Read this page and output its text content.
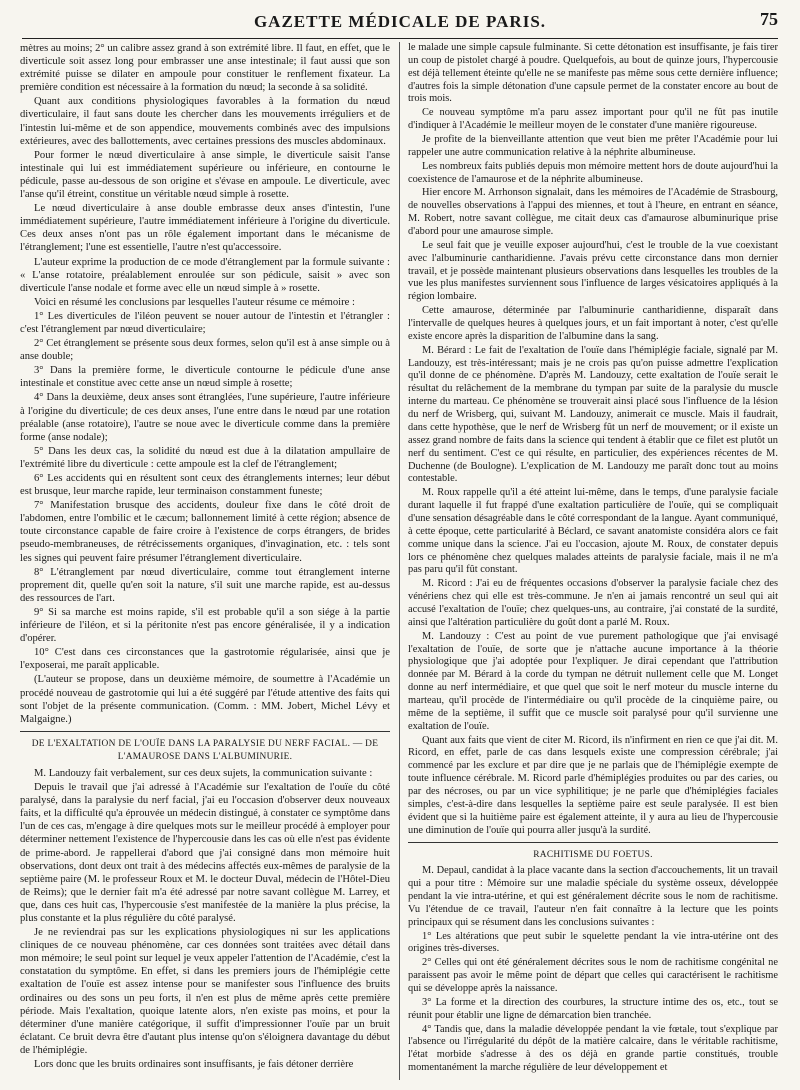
GAZETTE MÉDICALE DE PARIS.	75

mètres au moins; 2° un calibre assez grand à son extrémité libre. Il faut, en effet, que le diverticule soit assez long pour embrasser une anse intestinale; il faut aussi que son extrémité puisse se dilater en ampoule pour constituer le renflement fixateur. La première condition est nécessaire à la formation du nœud; la seconde à sa solidité.

Quant aux conditions physiologiques favorables à la formation du nœud diverticulaire, il faut sans doute les chercher dans les mouvements irréguliers et de l'intestin lui-même et de son appendice, mouvements combinés avec des impulsions extérieures, avec des ballottements, avec certaines pressions des muscles abdominaux.

Pour former le nœud diverticulaire à anse simple, le diverticule saisit l'anse intestinale qui lui est immédiatement supérieure ou inférieure, en contourne le pédicule, passe au-dessous de son origine et s'évase en ampoule. Le diverticule, avec l'anse qu'il étreint, constitue un véritable nœud simple à rosette.

Le nœud diverticulaire à anse double embrasse deux anses d'intestin, l'une immédiatement supérieure, l'autre immédiatement inférieure à l'origine du diverticule. Ces deux anses n'ont pas un rôle également important dans le mécanisme de l'étranglement; l'une est essentielle, l'autre n'est qu'accessoire.

L'auteur exprime la production de ce mode d'étranglement par la formule suivante : « L'anse rotatoire, préalablement enroulée sur son pédicule, saisit » avec son diverticule l'anse nodale et forme avec elle un nœud simple à » rosette.

Voici en résumé les conclusions par lesquelles l'auteur résume ce mémoire :

1° Les diverticules de l'iléon peuvent se nouer autour de l'intestin et l'étrangler : c'est l'étranglement par nœud diverticulaire;

2° Cet étranglement se présente sous deux formes, selon qu'il est à anse simple ou à anse double;

3° Dans la première forme, le diverticule contourne le pédicule d'une anse intestinale et constitue avec cette anse un nœud simple à rosette;

4° Dans la deuxième, deux anses sont étranglées, l'une supérieure, l'autre inférieure à l'origine du diverticule; de ces deux anses, l'une entre dans le nœud par une rotation préalable (anse rotatoire), l'autre se noue avec le diverticule comme dans la première forme (anse nodale);

5° Dans les deux cas, la solidité du nœud est due à la dilatation ampullaire de l'extrémité libre du diverticule : cette ampoule est la clef de l'étranglement;

6° Les accidents qui en résultent sont ceux des étranglements internes; leur début est brusque, leur marche rapide, leur terminaison constamment funeste;

7° Manifestation brusque des accidents, douleur fixe dans le côté droit de l'abdomen, entre l'ombilic et le cæcum; ballonnement limité à cette région; absence de toute circonstance capable de faire croire à l'existence de corps étrangers, de brides pseudo-membraneuses, de rétrécissements organiques, d'invagination, etc. : tels sont les signes qui peuvent faire présumer l'étranglement diverticulaire.

8° L'étranglement par nœud diverticulaire, comme tout étranglement interne proprement dit, quelle qu'en soit la nature, s'il suit une marche rapide, est au-dessus des ressources de l'art.

9° Si sa marche est moins rapide, s'il est probable qu'il a son siége à la partie inférieure de l'iléon, et si la péritonite n'est pas encore généralisée, il y a indication d'opérer.

10° C'est dans ces circonstances que la gastrotomie régularisée, ainsi que je l'exposerai, me paraît applicable.

(L'auteur se propose, dans un deuxième mémoire, de soumettre à l'Académie un procédé nouveau de gastrotomie qui lui a été suggéré par l'étude attentive des faits qui sont l'objet de la présente communication. (Comm. : MM. Jobert, Michel Lévy et Malgaigne.)

DE L'EXALTATION DE L'OUÏE DANS LA PARALYSIE DU NERF FACIAL. — DE L'AMAUROSE DANS L'ALBUMINURIE.

M. Landouzy fait verbalement, sur ces deux sujets, la communication suivante :

Depuis le travail que j'ai adressé à l'Académie sur l'exaltation de l'ouïe du côté paralysé, dans la paralysie du nerf facial, j'ai eu l'occasion d'observer deux nouveaux faits, et la difficulté qu'a éprouvée un médecin distingué, à constater ce symptôme dans l'un de ces cas, m'engage à dire quelques mots sur le meilleur procédé à employer pour déterminer nettement l'existence de l'hypercousie dans les cas où elle n'est pas évidente de prime-abord. Je rappellerai d'abord que j'ai consigné dans mon mémoire huit observations, dont deux ont trait à des médecins affectés eux-mêmes de paralysie de la septième paire (M. le professeur Roux et M. le docteur Duval, médecin de l'Hôtel-Dieu de Reims); que le dernier fait m'a été adressé par notre savant collègue M. Larrey, et que, dans ces huit cas, l'hypercousie s'est manifestée de la manière la plus précise, la plus constante et la plus régulière du côté paralysé.

Je ne reviendrai pas sur les explications physiologiques ni sur les applications cliniques de ce nouveau phénomène, car ces données sont traitées avec détail dans mon mémoire; le seul point sur lequel je veux appeler l'attention de l'Académie, c'est la constatation du symptôme. En effet, si dans les premiers jours de l'hémiplégie cette exaltation de l'ouïe est assez intense pour se manifester sous l'influence des bruits ordinaires ou des sons un peu forts, il n'en est plus de même après cette première période. Mais l'exaltation, quoique latente alors, n'en existe pas moins, et pour la déterminer d'une manière catégorique, il suffit d'impressionner l'ouïe par un bruit éclatant. Ce bruit devra être d'autant plus intense qu'on s'éloignera davantage du début de l'hémiplégie.

Lors donc que les bruits ordinaires sont insuffisants, je fais détoner derrière

le malade une simple capsule fulminante. Si cette détonation est insuffisante, je fais tirer un coup de pistolet chargé à poudre. Quelquefois, au bout de quinze jours, l'hypercousie est déjà tellement éteinte qu'elle ne se manifeste pas même sous cette dernière influence; d'autres fois la simple détonation d'une capsule permet de la constater encore au bout de trois mois.

Ce nouveau symptôme m'a paru assez important pour qu'il ne fût pas inutile d'indiquer à l'Académie le meilleur moyen de le constater d'une manière rigoureuse.

Je profite de la bienveillante attention que veut bien me prêter l'Académie pour lui rappeler une autre communication relative à la néphrite albumineuse.

Les nombreux faits publiés depuis mon mémoire mettent hors de doute aujourd'hui la coexistence de l'amaurose et de la néphrite albumineuse.

Hier encore M. Arrhonson signalait, dans les mémoires de l'Académie de Strasbourg, de nouvelles observations à l'appui des miennes, et tout à l'heure, en entrant en séance, M. Robert, notre savant collègue, me citait deux cas d'amaurose albuminurique prise d'abord pour une amaurose simple.

Le seul fait que je veuille exposer aujourd'hui, c'est le trouble de la vue coexistant avec l'albuminurie cantharidienne. J'avais prévu cette circonstance dans mon dernier travail, et je possède maintenant plusieurs observations dans lesquelles les troubles de la vue les plus manifestes surviennent sous l'influence de larges vésicatoires appliqués à la région lombaire.

Cette amaurose, déterminée par l'albuminurie cantharidienne, disparaît dans l'intervalle de quelques heures à quelques jours, et un fait important à noter, c'est qu'elle existe encore après la disparition de l'albumine dans la sang.

M. Bérard : Le fait de l'exaltation de l'ouïe dans l'hémiplégie faciale, signalé par M. Landouzy, est très-intéressant; mais je ne crois pas qu'on puisse admettre l'explication qu'il donne de ce phénomène. D'après M. Landouzy, cette exaltation de l'ouïe serait le résultat du relâchement de la membrane du tympan par suite de la paralysie du muscle interne du marteau. Ce phénomène se trouverait ainsi placé sous l'influence de la lésion du nerf de Wrisberg, qui, suivant M. Landouzy, animerait ce muscle. Mais il faudrait, dans cette hypothèse, que le nerf de Wrisberg fût un nerf de mouvement; or il existe un assez grand nombre de faits dans la science qui tendent à établir que ce filet est plutôt un nerf du sentiment. C'est ce qui résulte, en particulier, des expériences récentes de M. Duchenne (de Boulogne). L'explication de M. Landouzy me paraît donc tout au moins contestable.

M. Roux rappelle qu'il a été atteint lui-même, dans le temps, d'une paralysie faciale durant laquelle il fut frappé d'une exaltation particulière de l'ouïe, qui se compliquait d'une sensation désagréable dans le côté correspondant de la langue. Ayant communiqué, à cette époque, cette particularité à Béclard, ce savant anatomiste considéra alors ce fait comme unique dans la science. J'ai eu l'occasion, ajoute M. Roux, de constater depuis lors ce phénomène chez quelques malades atteints de paralysie faciale, mais il ne m'a pas paru qu'il fût constant.

M. Ricord : J'ai eu de fréquentes occasions d'observer la paralysie faciale chez des vénériens chez qui elle est très-commune. Je n'en ai jamais rencontré un seul qui ait accusé l'exaltation de l'ouïe; chez quelques-uns, au contraire, j'ai constaté de la surdité, ainsi que l'altération particulière du goût dont a parlé M. Roux.

M. Landouzy : C'est au point de vue purement pathologique que j'ai envisagé l'exaltation de l'ouïe, de sorte que je n'attache aucune importance à la théorie physiologique que j'ai adoptée pour l'expliquer. Je dirai cependant que l'attribution donnée par M. Bérard à la corde du tympan ne détruit nullement celle que M. Longet donne au nerf intermédiaire, et que quel que soit le nerf moteur du muscle interne du marteau, qu'il procède de l'intermédiaire ou qu'il procède de la cinquième paire, ou même de la septième, il suffit que ce muscle soit paralysé pour qu'il survienne une exaltation de l'ouïe.

Quant aux faits que vient de citer M. Ricord, ils n'infirment en rien ce que j'ai dit. M. Ricord, en effet, parle de cas dans lesquels existe une compression cérébrale; j'ai commencé par les exclure et par dire que je ne parlais que de l'hémiplégie exempte de toute influence cérébrale. M. Ricord parle d'hémiplégies produites ou par des caries, ou par des nécroses, ou par un vice syphilitique; je ne parle que d'hémiplégies faciales simples, c'est-à-dire dans lesquelles la septième paire est seule paralysée. Il est bien évident que si la huitième paire est également atteinte, il y aura au lieu de l'hypercousie une diminution de l'ouïe qui pourra aller jusqu'à la surdité.

RACHITISME DU FOETUS.

M. Depaul, candidat à la place vacante dans la section d'accouchements, lit un travail qui a pour titre : Mémoire sur une maladie spéciale du système osseux, développée pendant la vie intra-utérine, et qui est généralement décrite sous le nom de rachitisme. Vu l'étendue de ce travail, l'auteur n'en fait connaître à la lecture que les points principaux qui se résument dans les conclusions suivantes :

1° Les altérations que peut subir le squelette pendant la vie intra-utérine ont des origines très-diverses.

2° Celles qui ont été généralement décrites sous le nom de rachitisme congénital ne paraissent pas avoir le même point de départ que celles qui caractérisent le rachitisme qui se développe après la naissance.

3° La forme et la direction des courbures, la structure intime des os, etc., tout se réunit pour établir une ligne de démarcation bien tranchée.

4° Tandis que, dans la maladie développée pendant la vie fœtale, tout s'explique par l'absence ou l'irrégularité du dépôt de la matière calcaire, dans le véritable rachitisme, l'état morbide s'adresse à des os déjà en grande partie constitués, trouble momentanément la marche régulière de leur développement et
